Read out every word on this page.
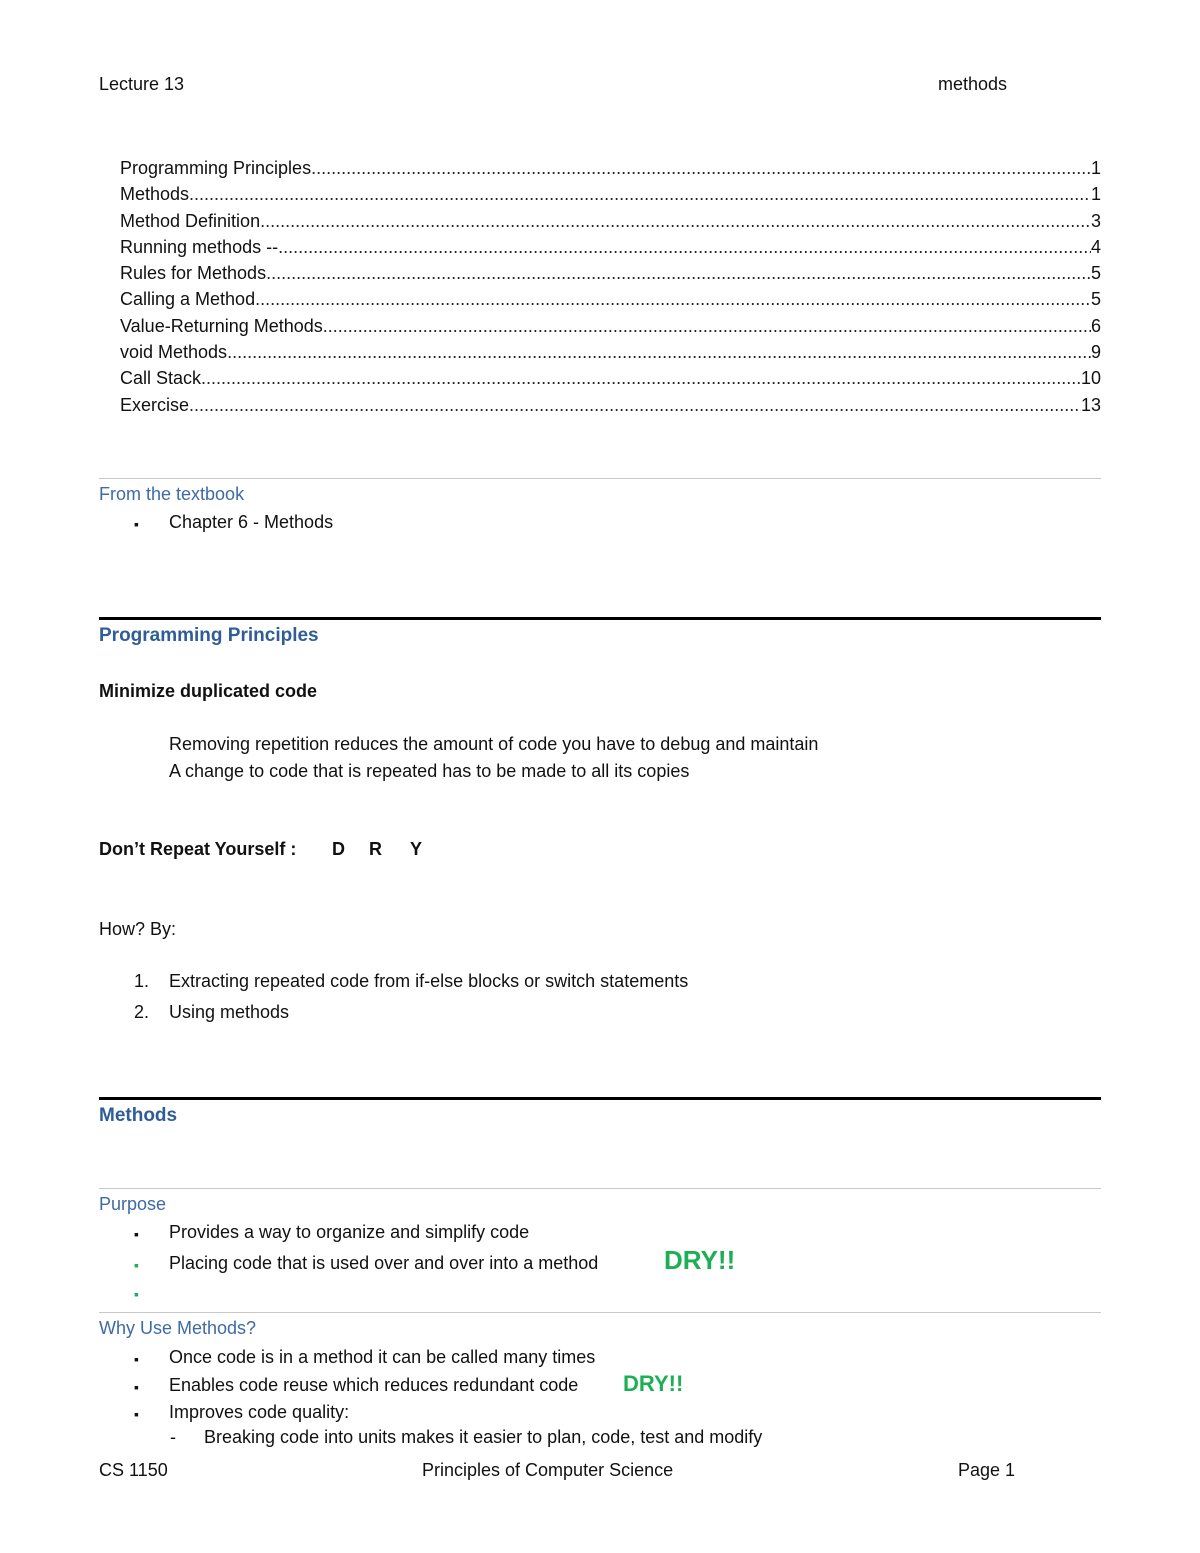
Lecture 13	methods
Programming Principles .....	1
Methods .....	1
Method Definition .....	3
Running methods -- .....	4
Rules for Methods .....	5
Calling a Method .....	5
Value-Returning Methods .....	6
void Methods .....	9
Call Stack .....	10
Exercise .....	13
From the textbook
▪ Chapter 6 - Methods
Programming Principles
Minimize duplicated code
Removing repetition reduces the amount of code you have to debug and maintain
A change to code that is repeated has to be made to all its copies
Don’t Repeat Yourself : D R Y
How? By:
1. Extracting repeated code from if-else blocks or switch statements
2. Using methods
Methods
Purpose
▪ Provides a way to organize and simplify code
▪ Placing code that is used over and over into a method	DRY!!
▪
Why Use Methods?
▪ Once code is in a method it can be called many times
▪ Enables code reuse which reduces redundant code DRY!!
▪ Improves code quality:
- Breaking code into units makes it easier to plan, code, test and modify
CS 1150	Principles of Computer Science	Page 1
